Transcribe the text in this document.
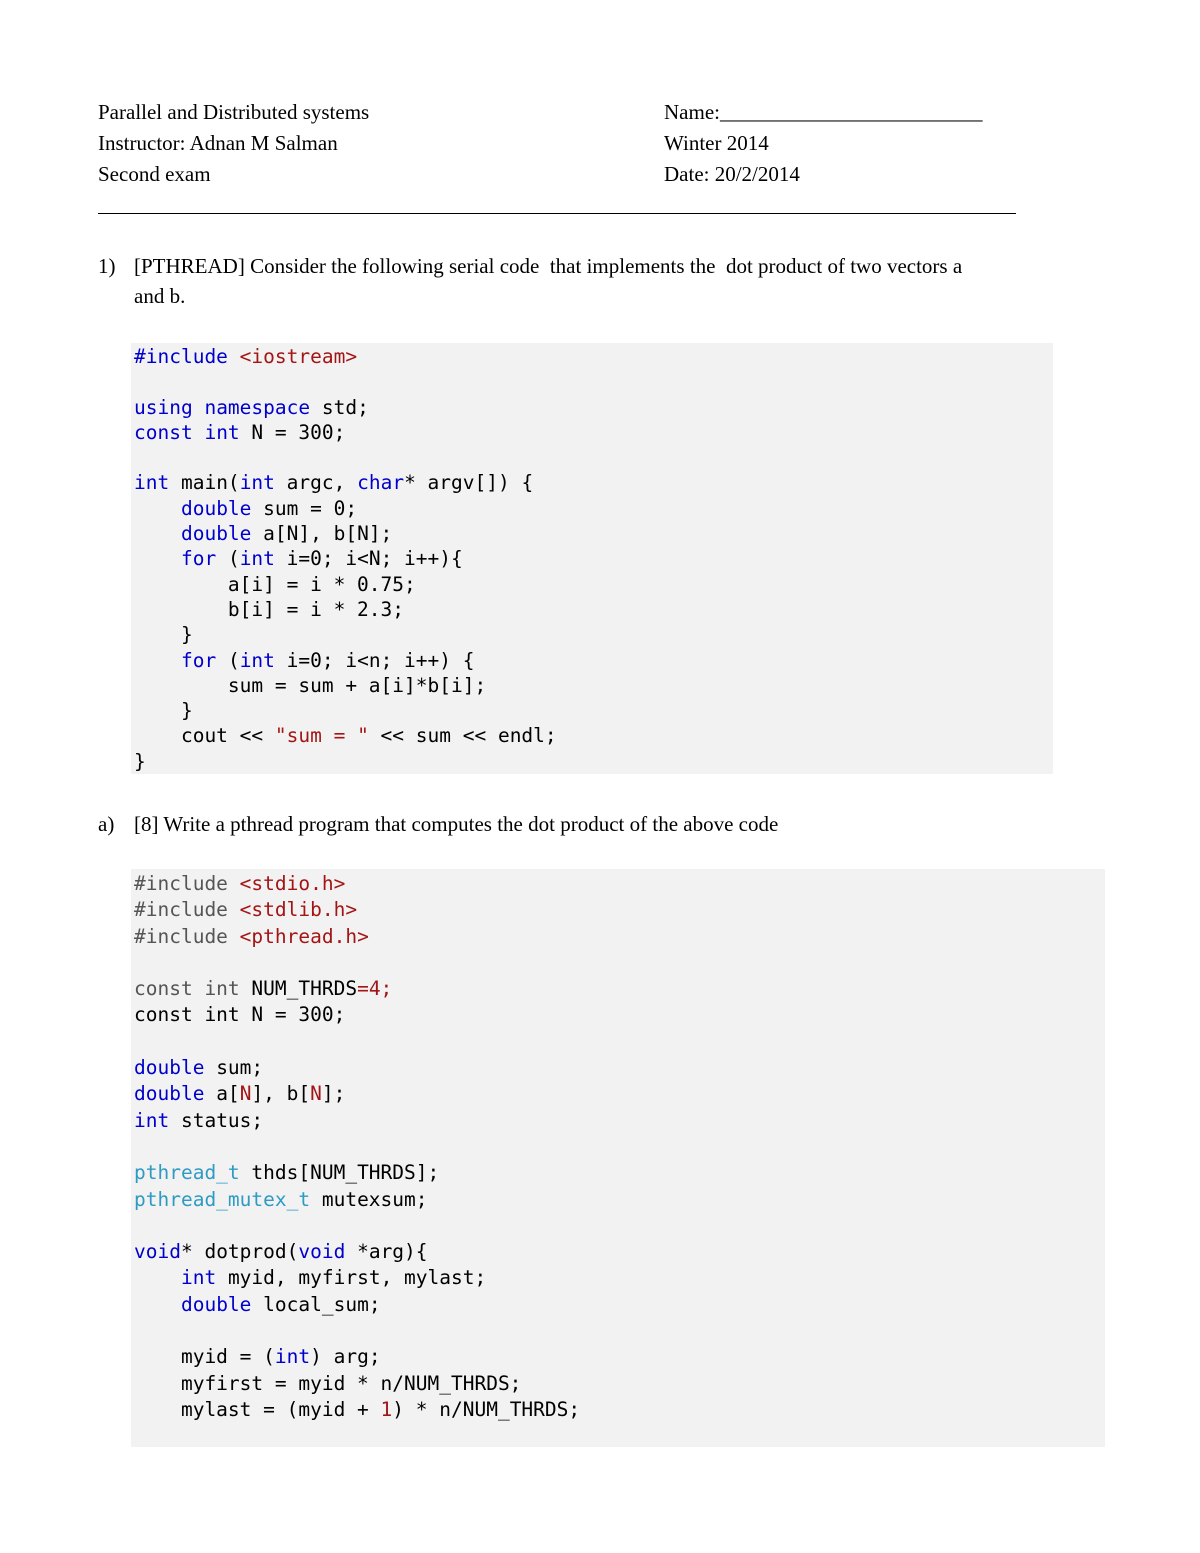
Parallel and Distributed systems
Instructor: Adnan M Salman
Second exam
Name:_________________________
Winter 2014
Date: 20/2/2014
1) [PTHREAD] Consider the following serial code  that implements the  dot product of two vectors a
and b.
#include <iostream>
using namespace std;
const int N = 300;
int main(int argc, char* argv[]) {
double sum = 0;
double a[N], b[N];
for (int i=0; i<N; i++){
a[i] = i * 0.75;
b[i] = i * 2.3;
}
for (int i=0; i<n; i++) {
sum = sum + a[i]*b[i];
}
cout << "sum = " << sum << endl;
}
a) [8] Write a pthread program that computes the dot product of the above code
#include <stdio.h>
#include <stdlib.h>
#include <pthread.h>
const int NUM_THRDS=4;
const int N = 300;
double sum;
double a[N], b[N];
int status;
pthread_t thds[NUM_THRDS];
pthread_mutex_t mutexsum;
void* dotprod(void *arg){
int myid, myfirst, mylast;
double local_sum;
myid = (int) arg;
myfirst = myid * n/NUM_THRDS;
mylast = (myid + 1) * n/NUM_THRDS;
